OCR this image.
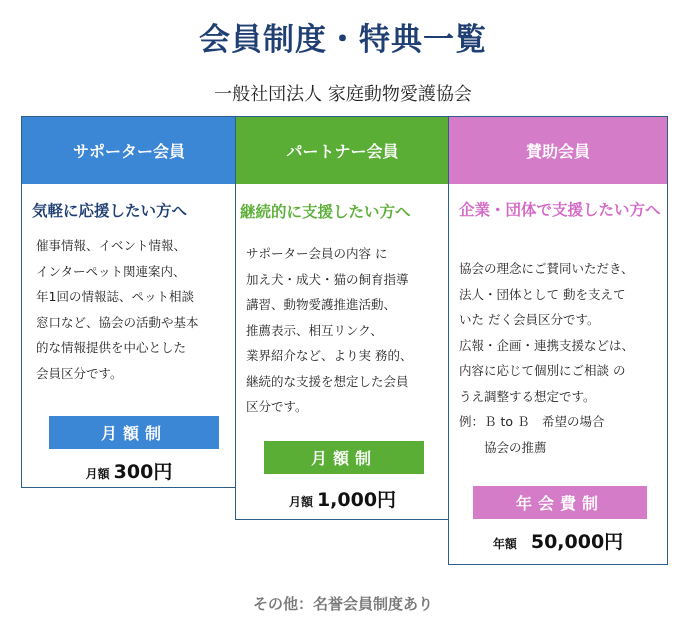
会員制度・特典一覧
一般社団法人 家庭動物愛護協会
サポーター会員
気軽に応援したい方へ
催事情報、イベント情報、
インターペット関連案内、
年1回の情報誌、ペット相談
窓口など、協会の活動や基本
的な情報提供を中心とした
会員区分です。
月額制
月額 300円
パートナー会員
継続的に支援したい方へ
サポーター会員の内容 に
加え犬・成犬・猫の飼育指導
講習、動物愛護推進活動、
推薦表示、相互リンク、
業界紹介など、より実 務的、
継続的な支援を想定した会員
区分です。
月額制
月額 1,000円
賛助会員
企業・団体で支援したい方へ
協会の理念にご賛同いただき、
法人・団体として 動を支えて
いた だく会員区分です。
広報・企画・連携支援などは、
内容に応じて個別にご相談 の
うえ調整する想定です。
例：Ｂ to Ｂ　希望の場合
　　協会の推薦
年会費制
年額 50,000円
その他：名誉会員制度あり
